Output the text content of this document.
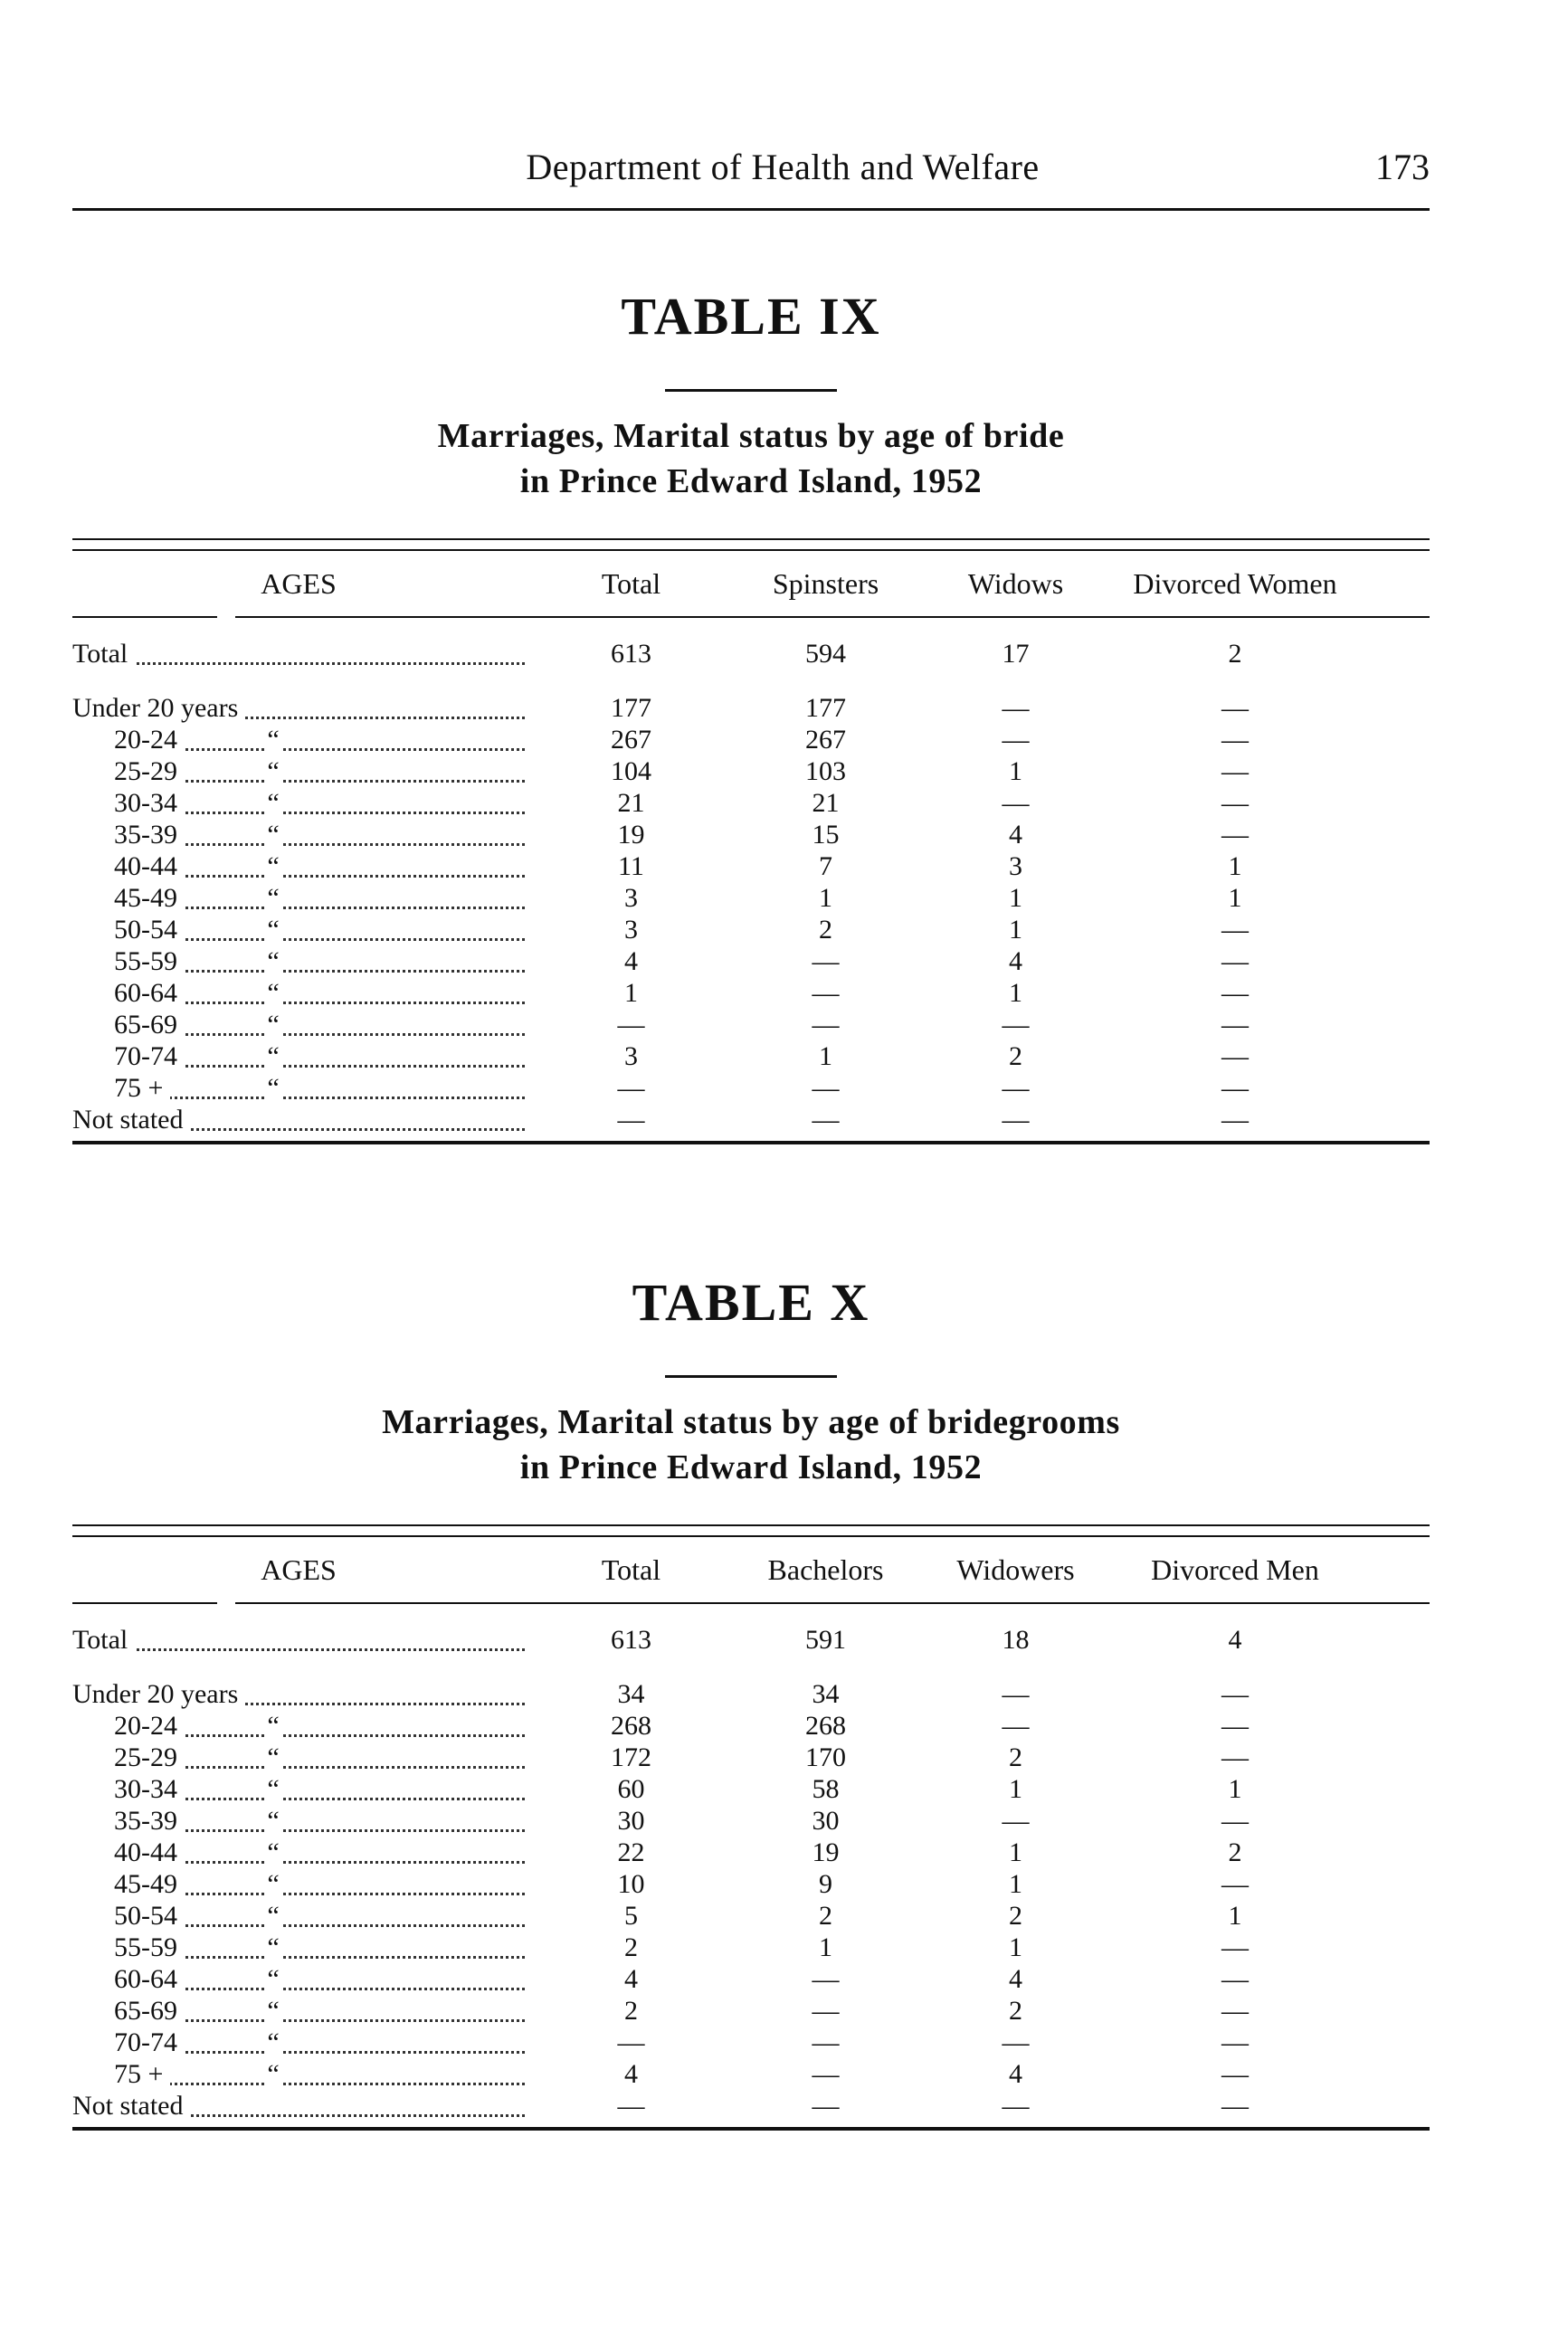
Department of Health and Welfare	173
TABLE IX
Marriages, Marital status by age of bride
in Prince Edward Island, 1952
AGES	Total	Spinsters	Widows	Divorced Women
Total	613	594	17	2
Under 20 years	177	177	—	—
20-24	“	267	267	—	—
25-29	“	104	103	1	—
30-34	“	21	21	—	—
35-39	“	19	15	4	—
40-44	“	11	7	3	1
45-49	“	3	1	1	1
50-54	“	3	2	1	—
55-59	“	4	—	4	—
60-64	“	1	—	1	—
65-69	“	—	—	—	—
70-74	“	3	1	2	—
75 +	“	—	—	—	—
Not stated	—	—	—	—
TABLE X
Marriages, Marital status by age of bridegrooms
in Prince Edward Island, 1952
AGES	Total	Bachelors	Widowers	Divorced Men
Total	613	591	18	4
Under 20 years	34	34	—	—
20-24	“	268	268	—	—
25-29	“	172	170	2	—
30-34	“	60	58	1	1
35-39	“	30	30	—	—
40-44	“	22	19	1	2
45-49	“	10	9	1	—
50-54	“	5	2	2	1
55-59	“	2	1	1	—
60-64	“	4	—	4	—
65-69	“	2	—	2	—
70-74	“	—	—	—	—
75 +	“	4	—	4	—
Not stated	—	—	—	—
